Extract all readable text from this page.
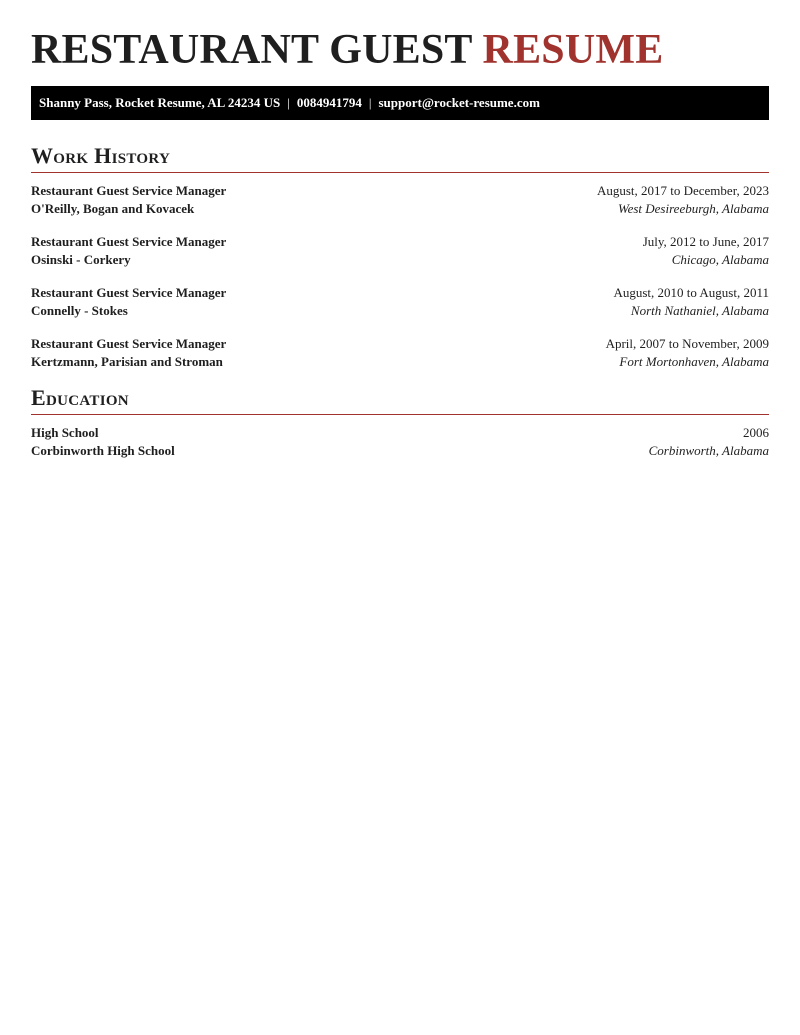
RESTAURANT GUEST RESUME
Shanny Pass, Rocket Resume, AL 24234 US | 0084941794 | support@rocket-resume.com
Work History
Restaurant Guest Service Manager	August, 2017 to December, 2023
O'Reilly, Bogan and Kovacek	West Desireeburgh, Alabama
Restaurant Guest Service Manager	July, 2012 to June, 2017
Osinski - Corkery	Chicago, Alabama
Restaurant Guest Service Manager	August, 2010 to August, 2011
Connelly - Stokes	North Nathaniel, Alabama
Restaurant Guest Service Manager	April, 2007 to November, 2009
Kertzmann, Parisian and Stroman	Fort Mortonhaven, Alabama
Education
High School	2006
Corbinworth High School	Corbinworth, Alabama
